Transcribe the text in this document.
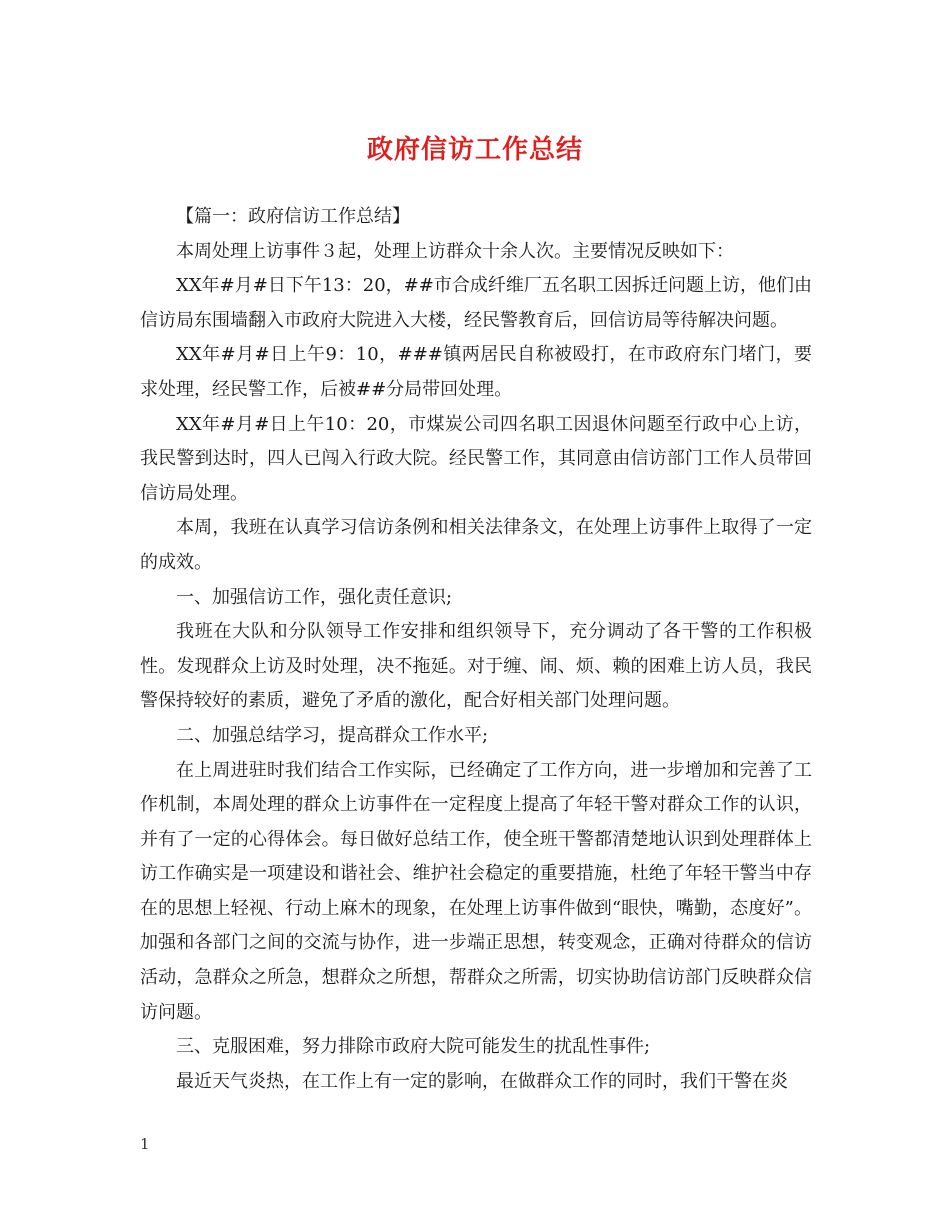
政府信访工作总结

【篇一：政府信访工作总结】

本周处理上访事件３起，处理上访群众十余人次。主要情况反映如下：

XX年#月#日下午13：20，##市合成纤维厂五名职工因拆迁问题上访，他们由信访局东围墙翻入市政府大院进入大楼，经民警教育后，回信访局等待解决问题。

XX年#月#日上午9：10，###镇两居民自称被殴打，在市政府东门堵门，要求处理，经民警工作，后被##分局带回处理。

XX年#月#日上午10：20，市煤炭公司四名职工因退休问题至行政中心上访，我民警到达时，四人已闯入行政大院。经民警工作，其同意由信访部门工作人员带回信访局处理。

本周，我班在认真学习信访条例和相关法律条文，在处理上访事件上取得了一定的成效。

一、加强信访工作，强化责任意识;

我班在大队和分队领导工作安排和组织领导下，充分调动了各干警的工作积极性。发现群众上访及时处理，决不拖延。对于缠、闹、烦、赖的困难上访人员，我民警保持较好的素质，避免了矛盾的激化，配合好相关部门处理问题。

二、加强总结学习，提高群众工作水平;

在上周进驻时我们结合工作实际，已经确定了工作方向，进一步增加和完善了工作机制，本周处理的群众上访事件在一定程度上提高了年轻干警对群众工作的认识，并有了一定的心得体会。每日做好总结工作，使全班干警都清楚地认识到处理群体上访工作确实是一项建设和谐社会、维护社会稳定的重要措施，杜绝了年轻干警当中存在的思想上轻视、行动上麻木的现象，在处理上访事件做到“眼快，嘴勤，态度好”。加强和各部门之间的交流与协作，进一步端正思想，转变观念，正确对待群众的信访活动，急群众之所急，想群众之所想，帮群众之所需，切实协助信访部门反映群众信访问题。

三、克服困难，努力排除市政府大院可能发生的扰乱性事件;

最近天气炎热，在工作上有一定的影响，在做群众工作的同时，我们干警在炎

1
